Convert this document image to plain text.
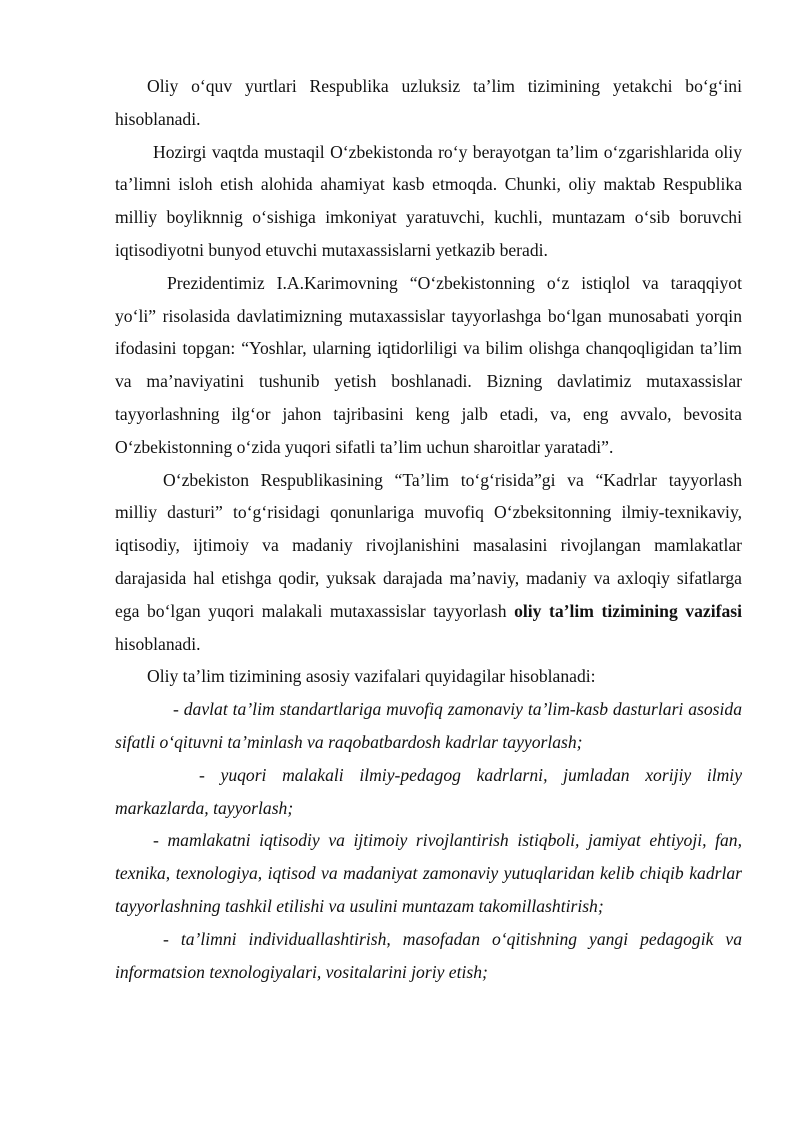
Oliy o‘quv yurtlari Respublika uzluksiz ta’lim tizimining yetakchi bo‘g‘ini hisoblanadi.

Hozirgi vaqtda mustaqil O‘zbekistonda ro‘y berayotgan ta’lim o‘zgarishlarida oliy ta’limni isloh etish alohida ahamiyat kasb etmoqda. Chunki, oliy maktab Respublika milliy boyliknnig o‘sishiga imkoniyat yaratuvchi, kuchli, muntazam o‘sib boruvchi iqtisodiyotni bunyod etuvchi mutaxassislarni yetkazib beradi.

Prezidentimiz I.A.Karimovning “O‘zbekistonning o‘z istiqlol va taraqqiyot yo‘li” risolasida davlatimizning mutaxassislar tayyorlashga bo‘lgan munosabati yorqin ifodasini topgan: “Yoshlar, ularning iqtidorliligi va bilim olishga chanqoqligidan ta’lim va ma’naviyatini tushunib yetish boshlanadi. Bizning davlatimiz mutaxassislar tayyorlashning ilg‘or jahon tajribasini keng jalb etadi, va, eng avvalo, bevosita O‘zbekistonning o‘zida yuqori sifatli ta’lim uchun sharoitlar yaratadi”.

O‘zbekiston Respublikasining “Ta’lim to‘g‘risida”gi va “Kadrlar tayyorlash milliy dasturi” to‘g‘risidagi qonunlariga muvofiq O‘zbeksitonning ilmiy-texnikaviy, iqtisodiy, ijtimoiy va madaniy rivojlanishini masalasini rivojlangan mamlakatlar darajasida hal etishga qodir, yuksak darajada ma’naviy, madaniy va axloqiy sifatlarga ega bo‘lgan yuqori malakali mutaxassislar tayyorlash oliy ta’lim tizimining vazifasi hisoblanadi.

Oliy ta’lim tizimining asosiy vazifalari quyidagilar hisoblanadi:

- davlat ta’lim standartlariga muvofiq zamonaviy ta’lim-kasb dasturlari asosida sifatli o‘qituvni ta’minlash va raqobatbardosh kadrlar tayyorlash;

- yuqori malakali ilmiy-pedagog kadrlarni, jumladan xorijiy ilmiy markazlarda, tayyorlash;

- mamlakatni iqtisodiy va ijtimoiy rivojlantirish istiqboli, jamiyat ehtiyoji, fan, texnika, texnologiya, iqtisod va madaniyat zamonaviy yutuqlaridan kelib chiqib kadrlar tayyorlashning tashkil etilishi va usulini muntazam takomillashtirish;

- ta’limni individuallashtirish, masofadan o‘qitishning yangi pedagogik va informatsion texnologiyalari, vositalarini joriy etish;
